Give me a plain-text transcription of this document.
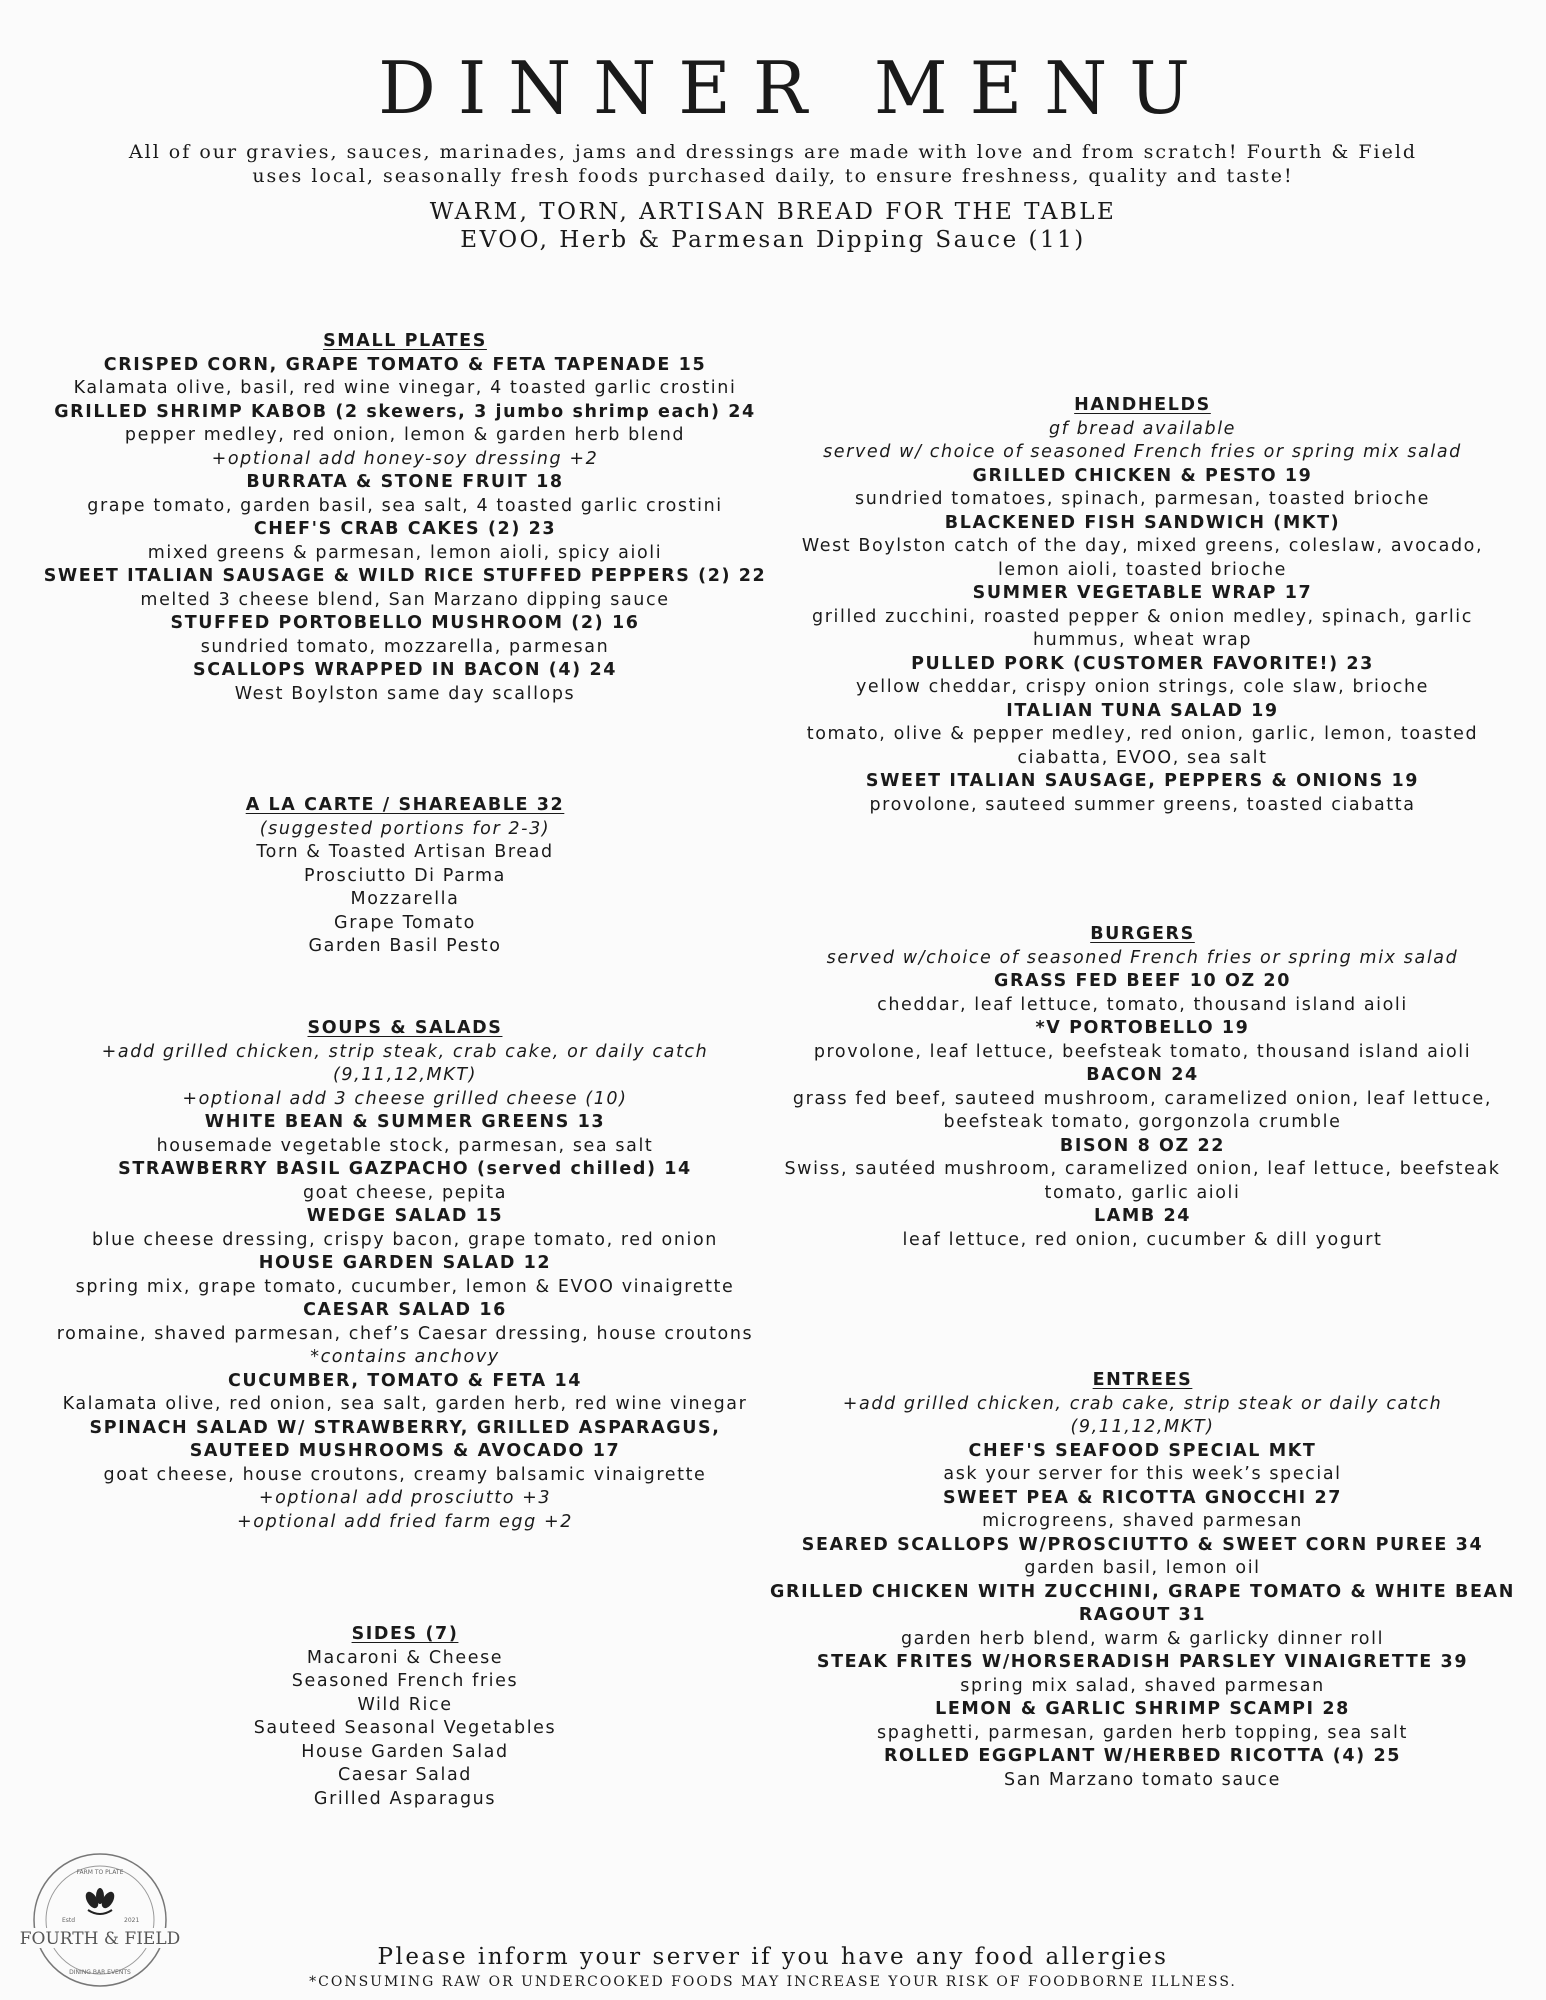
DINNER MENU
All of our gravies, sauces, marinades, jams and dressings are made with love and from scratch! Fourth & Field uses local, seasonally fresh foods purchased daily, to ensure freshness, quality and taste!
WARM, TORN, ARTISAN BREAD FOR THE TABLE
EVOO, Herb & Parmesan Dipping Sauce (11)
SMALL PLATES
CRISPED CORN, GRAPE TOMATO & FETA TAPENADE 15
Kalamata olive, basil, red wine vinegar, 4 toasted garlic crostini
GRILLED SHRIMP KABOB (2 skewers, 3 jumbo shrimp each) 24
pepper medley, red onion, lemon & garden herb blend
+optional add honey-soy dressing +2
BURRATA & STONE FRUIT 18
grape tomato, garden basil, sea salt, 4 toasted garlic crostini
CHEF'S CRAB CAKES (2) 23
mixed greens & parmesan, lemon aioli, spicy aioli
SWEET ITALIAN SAUSAGE & WILD RICE STUFFED PEPPERS (2) 22
melted 3 cheese blend, San Marzano dipping sauce
STUFFED PORTOBELLO MUSHROOM (2) 16
sundried tomato, mozzarella, parmesan
SCALLOPS WRAPPED IN BACON (4) 24
West Boylston same day scallops
A LA CARTE / SHAREABLE 32
(suggested portions for 2-3)
Torn & Toasted Artisan Bread
Prosciutto Di Parma
Mozzarella
Grape Tomato
Garden Basil Pesto
SOUPS & SALADS
+add grilled chicken, strip steak, crab cake, or daily catch
(9,11,12,MKT)
+optional add 3 cheese grilled cheese (10)
WHITE BEAN & SUMMER GREENS 13
housemade vegetable stock, parmesan, sea salt
STRAWBERRY BASIL GAZPACHO (served chilled) 14
goat cheese, pepita
WEDGE SALAD 15
blue cheese dressing, crispy bacon, grape tomato, red onion
HOUSE GARDEN SALAD 12
spring mix, grape tomato, cucumber, lemon & EVOO vinaigrette
CAESAR SALAD 16
romaine, shaved parmesan, chef’s Caesar dressing, house croutons
*contains anchovy
CUCUMBER, TOMATO & FETA 14
Kalamata olive, red onion, sea salt, garden herb, red wine vinegar
SPINACH SALAD W/ STRAWBERRY, GRILLED ASPARAGUS, SAUTEED MUSHROOMS & AVOCADO 17
goat cheese, house croutons, creamy balsamic vinaigrette
+optional add prosciutto +3
+optional add fried farm egg +2
SIDES (7)
Macaroni & Cheese
Seasoned French fries
Wild Rice
Sauteed Seasonal Vegetables
House Garden Salad
Caesar Salad
Grilled Asparagus
HANDHELDS
gf bread available
served w/ choice of seasoned French fries or spring mix salad
GRILLED CHICKEN & PESTO 19
sundried tomatoes, spinach, parmesan, toasted brioche
BLACKENED FISH SANDWICH (MKT)
West Boylston catch of the day, mixed greens, coleslaw, avocado, lemon aioli, toasted brioche
SUMMER VEGETABLE WRAP 17
grilled zucchini, roasted pepper & onion medley, spinach, garlic hummus, wheat wrap
PULLED PORK (CUSTOMER FAVORITE!) 23
yellow cheddar, crispy onion strings, cole slaw, brioche
ITALIAN TUNA SALAD 19
tomato, olive & pepper medley, red onion, garlic, lemon, toasted ciabatta, EVOO, sea salt
SWEET ITALIAN SAUSAGE, PEPPERS & ONIONS 19
provolone, sauteed summer greens, toasted ciabatta
BURGERS
served w/choice of seasoned French fries or spring mix salad
GRASS FED BEEF 10 OZ 20
cheddar, leaf lettuce, tomato, thousand island aioli
*V PORTOBELLO 19
provolone, leaf lettuce, beefsteak tomato, thousand island aioli
BACON 24
grass fed beef, sauteed mushroom, caramelized onion, leaf lettuce, beefsteak tomato, gorgonzola crumble
BISON 8 OZ 22
Swiss, sautéed mushroom, caramelized onion, leaf lettuce, beefsteak tomato, garlic aioli
LAMB 24
leaf lettuce, red onion, cucumber & dill yogurt
ENTREES
+add grilled chicken, crab cake, strip steak or daily catch
(9,11,12,MKT)
CHEF'S SEAFOOD SPECIAL MKT
ask your server for this week’s special
SWEET PEA & RICOTTA GNOCCHI 27
microgreens, shaved parmesan
SEARED SCALLOPS W/PROSCIUTTO & SWEET CORN PUREE 34
garden basil, lemon oil
GRILLED CHICKEN WITH ZUCCHINI, GRAPE TOMATO & WHITE BEAN RAGOUT 31
garden herb blend, warm & garlicky dinner roll
STEAK FRITES W/HORSERADISH PARSLEY VINAIGRETTE 39
spring mix salad, shaved parmesan
LEMON & GARLIC SHRIMP SCAMPI 28
spaghetti, parmesan, garden herb topping, sea salt
ROLLED EGGPLANT W/HERBED RICOTTA (4) 25
San Marzano tomato sauce
FARM TO PLATE
DINING BAR EVENTS
Estd	2021
FOURTH & FIELD
Please inform your server if you have any food allergies
*CONSUMING RAW OR UNDERCOOKED FOODS MAY INCREASE YOUR RISK OF FOODBORNE ILLNESS.
